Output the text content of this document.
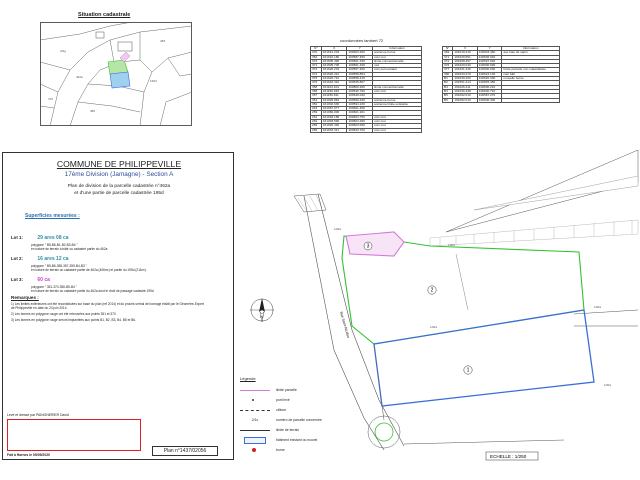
Situation cadastrale
4/2g
462a
195d
468
486
470
coordonnées lambert 72
N°	X	Y	Information
370	161614.234	100603.200	ancienne borne
352	161610.180	100587.450	coin mur
373	161605.490	100561.330	limite conventionnelle
371	161605.700	100561.346	mur
372	161626.234	100557.400	coin poil existant
374	161620.312	100558.854	
375	161620.710	100558.415	
376	161616.310	100545.867	
358	161104.104	100800.260	limite conventionnelle
358	161159.930	100540.790	coin mûr
357	161159.811	100540.040	
351	161029.864	100590.330	ancienne borne
352	161002.636	100594.230	ancienne limite existante
243	161067.077	100601.460	
259	161066.006	100601.201	
261	161093.158	100604.750	coin mur
262	161093.590	100604.290	coin mur
265	161625.440	100603.050	coin mur
266	161633.311	100843.700	coin mur
N°	X	Y	Information
369	161619.216	100603.460	axe haie de sapin
371	161630.651	100606.040	
372	161608.457	100597.040	
376	161620.040	100600.690	
377	161631.346	100600.030	limite parcelle non matérialisée
380	161633.270	100624.130	coin bâti
B1	161630.200	100620.300	nouvelle borne
B2	161551.414	100845.450	
B3	161026.411	100600.210	
B4	161046.438	100600.710	
B5	161062.010	100587.270	
B6	161082.010	100600.400	
COMMUNE DE PHILIPPEVILLE
17ème Division (Jamagne) - Section A
Plan de division de la parcelle cadastrée n°462a
et d'une partie de parcelle cadastrée 195d
Superficies mesurées :
Lot 1:	29 ares 08 ca
polygone " B5-B6-B1-B2-B3-B4 "
en nature de terrain à bâtir ou cadastré partie du 462a
Lot 2:	16 ares 12 ca
polygone " B5-B6-358-357-359-B4-B3 "
en nature de terrain ou cadastré partie de 462a (406m²) et partie du 195d (211m²)
Lot 3:	60 ca
polygone " 351-370-356-B5-B4 "
en nature de terrain ou cadastré partie du 462a dont le droit de passage cadastré 195d
Remarques :
1) Les limites extérieures ont été reconstituées sur base du plan (ref 2014) et du procès-verbal de bornage établi par le Géomètre-Expert
de Philippeville en date du 24 juin 2014.
2) Les bornes en polygone rouge ont été retrouvées aux points 351 et 370
3) Les bornes en polygone rouge seront implantées aux points B1, B2, B3, B4, B5 et B6.
Levé et dressé par PAINGNERIER David
Fait à Harnes le 05/09/2020
Plan n°1437/02056
1
2
3
Rue Saint-Nicolas
N
4.00m
4.00m
4.00m
4.00m
4.00m
ECHELLE : 1/250
Légende
limite parcelle
pont levé
clôture
2/1c	numéro de parcelle concernée
limite de terrain
bâtiment existant ou nouvel
borne
